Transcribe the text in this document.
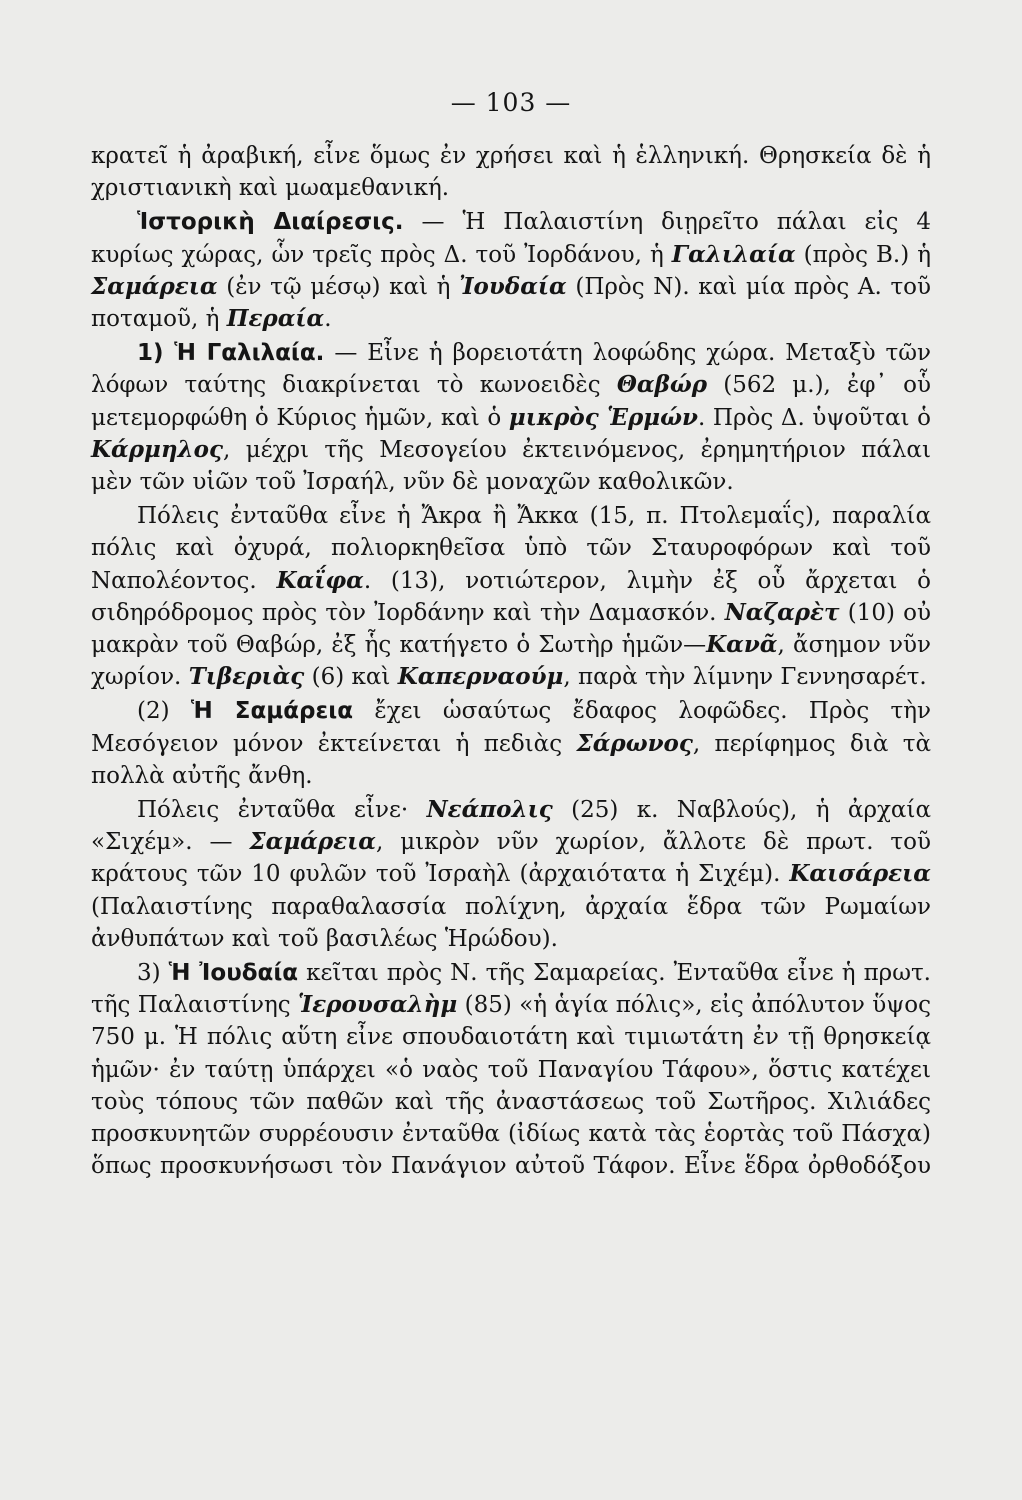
— 103 —

κρατεῖ ἡ ἀραβική, εἶνε ὅμως ἐν χρήσει καὶ ἡ ἑλληνική. Θρησκεία δὲ ἡ χριστιανικὴ καὶ μωαμεθανική.

Ἱστορικὴ Διαίρεσις. — Ἡ Παλαιστίνη διῃρεῖτο πάλαι εἰς 4 κυρίως χώρας, ὧν τρεῖς πρὸς Δ. τοῦ Ἰορδάνου, ἡ Γαλιλαία (πρὸς Β.) ἡ Σαμάρεια (ἐν τῷ μέσῳ) καὶ ἡ Ἰουδαία (Πρὸς Ν). καὶ μία πρὸς Α. τοῦ ποταμοῦ, ἡ Περαία.

1) Ἡ Γαλιλαία. — Εἶνε ἡ βορειοτάτη λοφώδης χώρα. Μεταξὺ τῶν λόφων ταύτης διακρίνεται τὸ κωνοειδὲς Θαβώρ (562 μ.), ἐφ᾽ οὗ μετεμορφώθη ὁ Κύριος ἡμῶν, καὶ ὁ μικρὸς Ἑρμών. Πρὸς Δ. ὑψοῦται ὁ Κάρμηλος, μέχρι τῆς Μεσογείου ἐκτεινόμενος, ἐρημητήριον πάλαι μὲν τῶν υἱῶν τοῦ Ἰσραήλ, νῦν δὲ μοναχῶν καθολικῶν.

Πόλεις ἐνταῦθα εἶνε ἡ Ἄκρα ἢ Ἄκκα (15, π. Πτολεμαΐς), παραλία πόλις καὶ ὀχυρά, πολιορκηθεῖσα ὑπὸ τῶν Σταυροφόρων καὶ τοῦ Ναπολέοντος. Καΐφα. (13), νοτιώτερον, λιμὴν ἐξ οὗ ἄρχεται ὁ σιδηρόδρομος πρὸς τὸν Ἰορδάνην καὶ τὴν Δαμασκόν. Ναζαρὲτ (10) οὐ μακρὰν τοῦ Θαβώρ, ἐξ ἧς κατήγετο ὁ Σωτὴρ ἡμῶν—Κανᾶ, ἄσημον νῦν χωρίον. Τιβεριὰς (6) καὶ Καπερναούμ, παρὰ τὴν λίμνην Γεννησαρέτ.

(2) Ἡ Σαμάρεια ἔχει ὡσαύτως ἔδαφος λοφῶδες. Πρὸς τὴν Μεσόγειον μόνον ἐκτείνεται ἡ πεδιὰς Σάρωνος, περίφημος διὰ τὰ πολλὰ αὐτῆς ἄνθη.

Πόλεις ἐνταῦθα εἶνε· Νεάπολις (25) κ. Ναβλούς), ἡ ἀρχαία «Σιχέμ». — Σαμάρεια, μικρὸν νῦν χωρίον, ἄλλοτε δὲ πρωτ. τοῦ κράτους τῶν 10 φυλῶν τοῦ Ἰσραὴλ (ἀρχαιότατα ἡ Σιχέμ). Καισάρεια (Παλαιστίνης παραθαλασσία πολίχνη, ἀρχαία ἕδρα τῶν Ρωμαίων ἀνθυπάτων καὶ τοῦ βασιλέως Ἡρώδου).

3) Ἡ Ἰουδαία κεῖται πρὸς Ν. τῆς Σαμαρείας. Ἐνταῦθα εἶνε ἡ πρωτ. τῆς Παλαιστίνης Ἱερουσαλὴμ (85) «ἡ ἁγία πόλις», εἰς ἀπόλυτον ὕψος 750 μ. Ἡ πόλις αὕτη εἶνε σπουδαιοτάτη καὶ τιμιωτάτη ἐν τῇ θρησκείᾳ ἡμῶν· ἐν ταύτῃ ὑπάρχει «ὁ ναὸς τοῦ Παναγίου Τάφου», ὅστις κατέχει τοὺς τόπους τῶν παθῶν καὶ τῆς ἀναστάσεως τοῦ Σωτῆρος. Χιλιάδες προσκυνητῶν συρρέουσιν ἐνταῦθα (ἰδίως κατὰ τὰς ἑορτὰς τοῦ Πάσχα) ὅπως προσκυνήσωσι τὸν Πανάγιον αὐτοῦ Τάφον. Εἶνε ἕδρα ὀρθοδόξου
